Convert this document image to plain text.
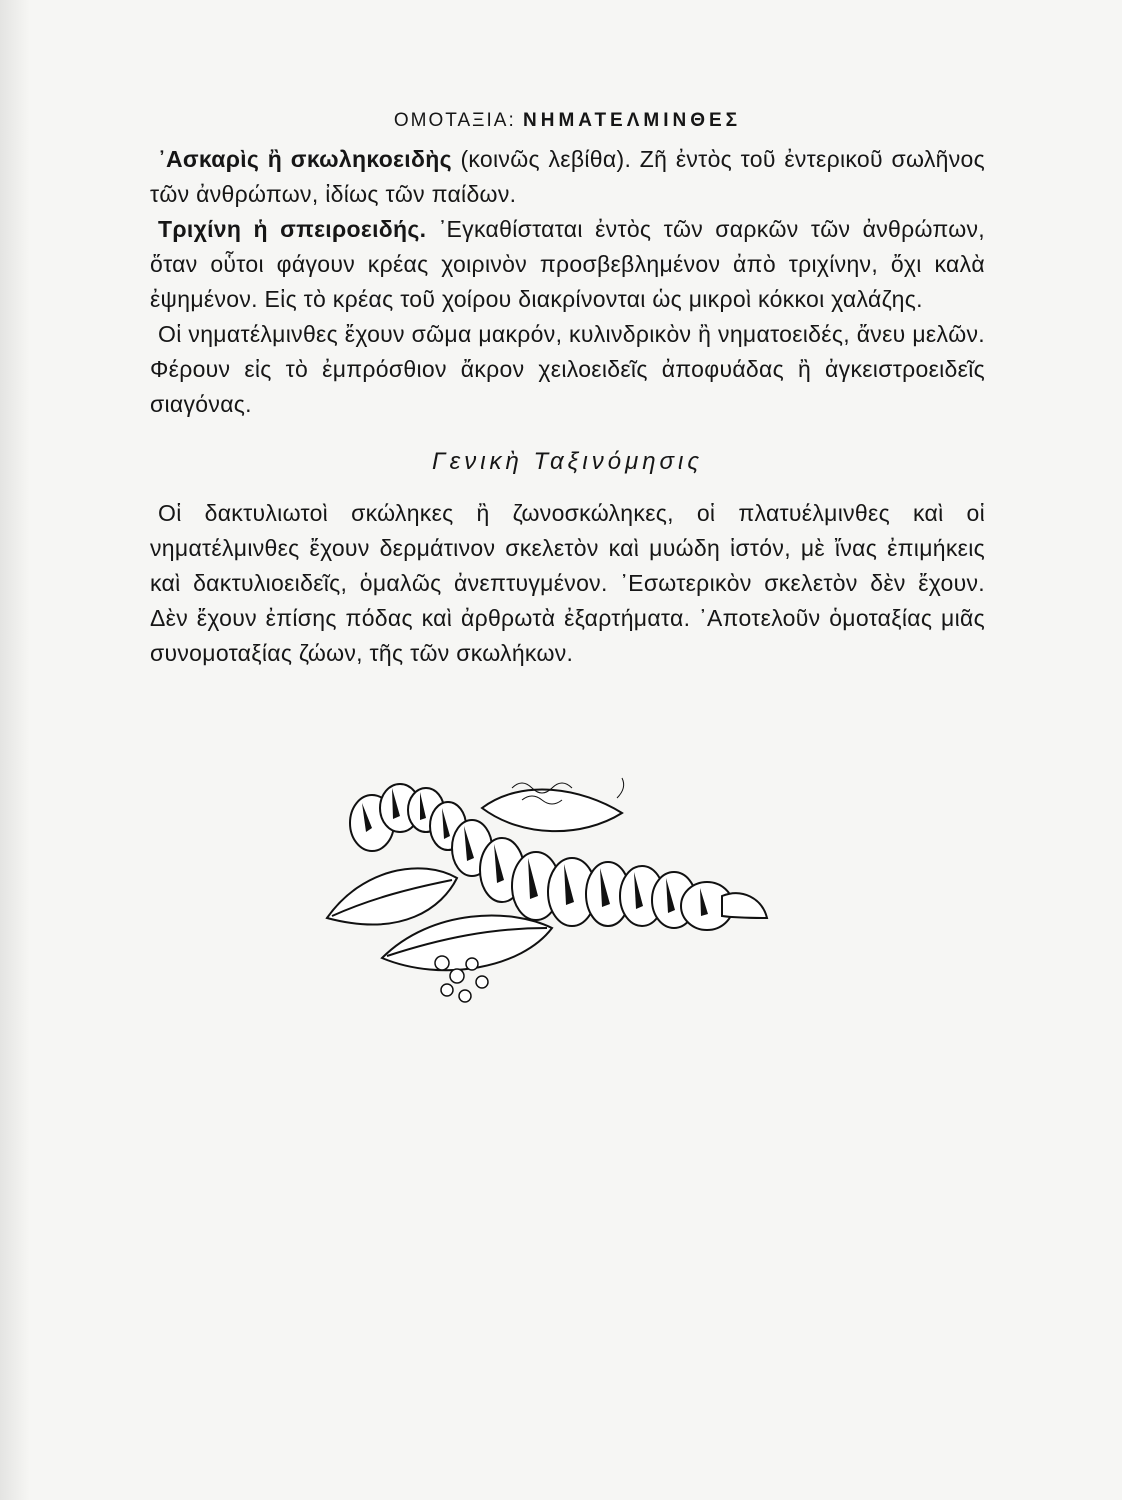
ΟΜΟΤΑΞΙΑ: ΝΗΜΑΤΕΛΜΙΝΘΕΣ

᾿Ασκαρὶς ἢ σκωληκοειδὴς (κοινῶς λεβίθα). Ζῆ ἐντὸς τοῦ ἐντερικοῦ σωλῆνος τῶν ἀνθρώπων, ἰδίως τῶν παίδων.

Τριχίνη ἡ σπειροειδής. ᾿Εγκαθίσταται ἐντὸς τῶν σαρκῶν τῶν ἀνθρώπων, ὅταν οὗτοι φάγουν κρέας χοιρινὸν προσβεβλημένον ἀπὸ τριχίνην, ὄχι καλὰ ἐψημένον. Εἰς τὸ κρέας τοῦ χοίρου διακρίνονται ὡς μικροὶ κόκκοι χαλάζης.

Οἱ νηματέλμινθες ἔχουν σῶμα μακρόν, κυλινδρικὸν ἢ νηματοειδές, ἄνευ μελῶν. Φέρουν εἰς τὸ ἐμπρόσθιον ἄκρον χειλοειδεῖς ἀποφυάδας ἢ ἀγκειστροειδεῖς σιαγόνας.

Γενικὴ Ταξινόμησις

Οἱ δακτυλιωτοὶ σκώληκες ἢ ζωνοσκώληκες, οἱ πλατυέλμινθες καὶ οἱ νηματέλμινθες ἔχουν δερμάτινον σκελετὸν καὶ μυώδη ἱστόν, μὲ ἴνας ἐπιμήκεις καὶ δακτυλιοειδεῖς, ὁμαλῶς ἀνεπτυγμένον. ᾿Εσωτερικὸν σκελετὸν δὲν ἔχουν. Δὲν ἔχουν ἐπίσης πόδας καὶ ἀρθρωτὰ ἐξαρτήματα. ᾿Αποτελοῦν ὁμοταξίας μιᾶς συνομοταξίας ζώων, τῆς τῶν σκωλήκων.
